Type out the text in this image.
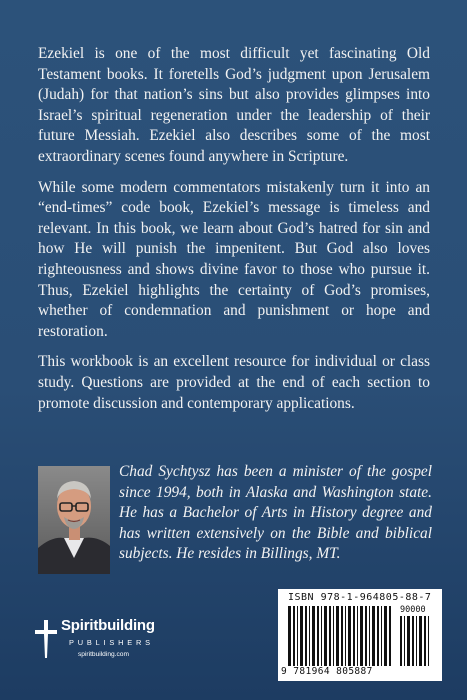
Ezekiel is one of the most difficult yet fascinating Old Testament books. It foretells God’s judgment upon Jerusalem (Judah) for that nation’s sins but also provides glimpses into Israel’s spiritual regeneration under the leadership of their future Messiah. Ezekiel also describes some of the most extraordinary scenes found anywhere in Scripture.

While some modern commentators mistakenly turn it into an “end-times” code book, Ezekiel’s message is timeless and relevant. In this book, we learn about God’s hatred for sin and how He will punish the impenitent. But God also loves righteousness and shows divine favor to those who pursue it. Thus, Ezekiel highlights the certainty of God’s promises, whether of condemnation and punishment or hope and restoration.

This workbook is an excellent resource for individual or class study. Questions are provided at the end of each section to promote discussion and contemporary applications.

Chad Sychtysz has been a minister of the gospel since 1994, both in Alaska and Washington state. He has a Bachelor of Arts in History degree and has written extensively on the Bible and biblical subjects. He resides in Billings, MT.
Spiritbuilding
PUBLISHERS
spiritbuilding.com
ISBN 978-1-964805-88-7
90000
9 781964 805887
